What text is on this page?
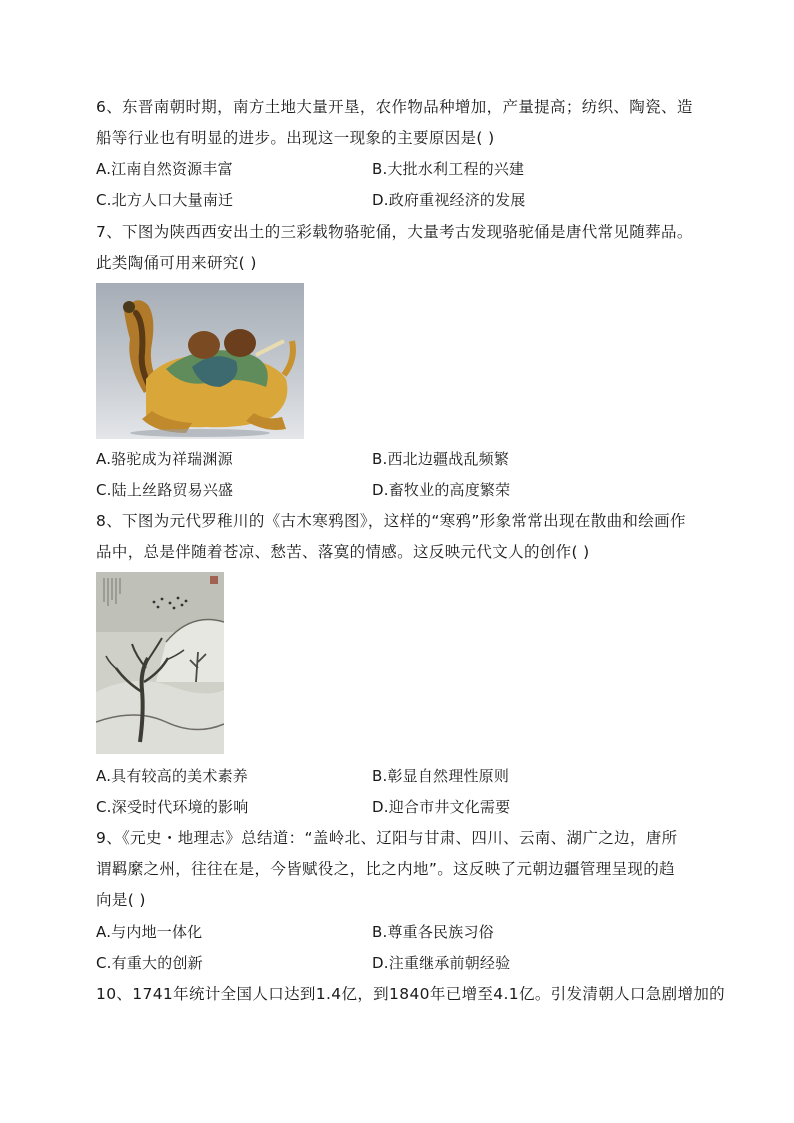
6、东晋南朝时期，南方土地大量开垦，农作物品种增加，产量提高；纺织、陶瓷、造
船等行业也有明显的进步。出现这一现象的主要原因是( )
A.江南自然资源丰富	B.大批水利工程的兴建
C.北方人口大量南迁	D.政府重视经济的发展
7、下图为陕西西安出土的三彩载物骆驼俑，大量考古发现骆驼俑是唐代常见随葬品。
此类陶俑可用来研究( )
A.骆驼成为祥瑞渊源	B.西北边疆战乱频繁
C.陆上丝路贸易兴盛	D.畜牧业的高度繁荣
8、下图为元代罗稚川的《古木寒鸦图》，这样的“寒鸦”形象常常出现在散曲和绘画作
品中，总是伴随着苍凉、愁苦、落寞的情感。这反映元代文人的创作( )
A.具有较高的美术素养	B.彰显自然理性原则
C.深受时代环境的影响	D.迎合市井文化需要
9、《元史・地理志》总结道：“盖岭北、辽阳与甘肃、四川、云南、湖广之边，唐所
谓羁縻之州，往往在是，今皆赋役之，比之内地”。这反映了元朝边疆管理呈现的趋
向是( )
A.与内地一体化	B.尊重各民族习俗
C.有重大的创新	D.注重继承前朝经验
10、1741年统计全国人口达到1.4亿，到1840年已增至4.1亿。引发清朝人口急剧增加的
